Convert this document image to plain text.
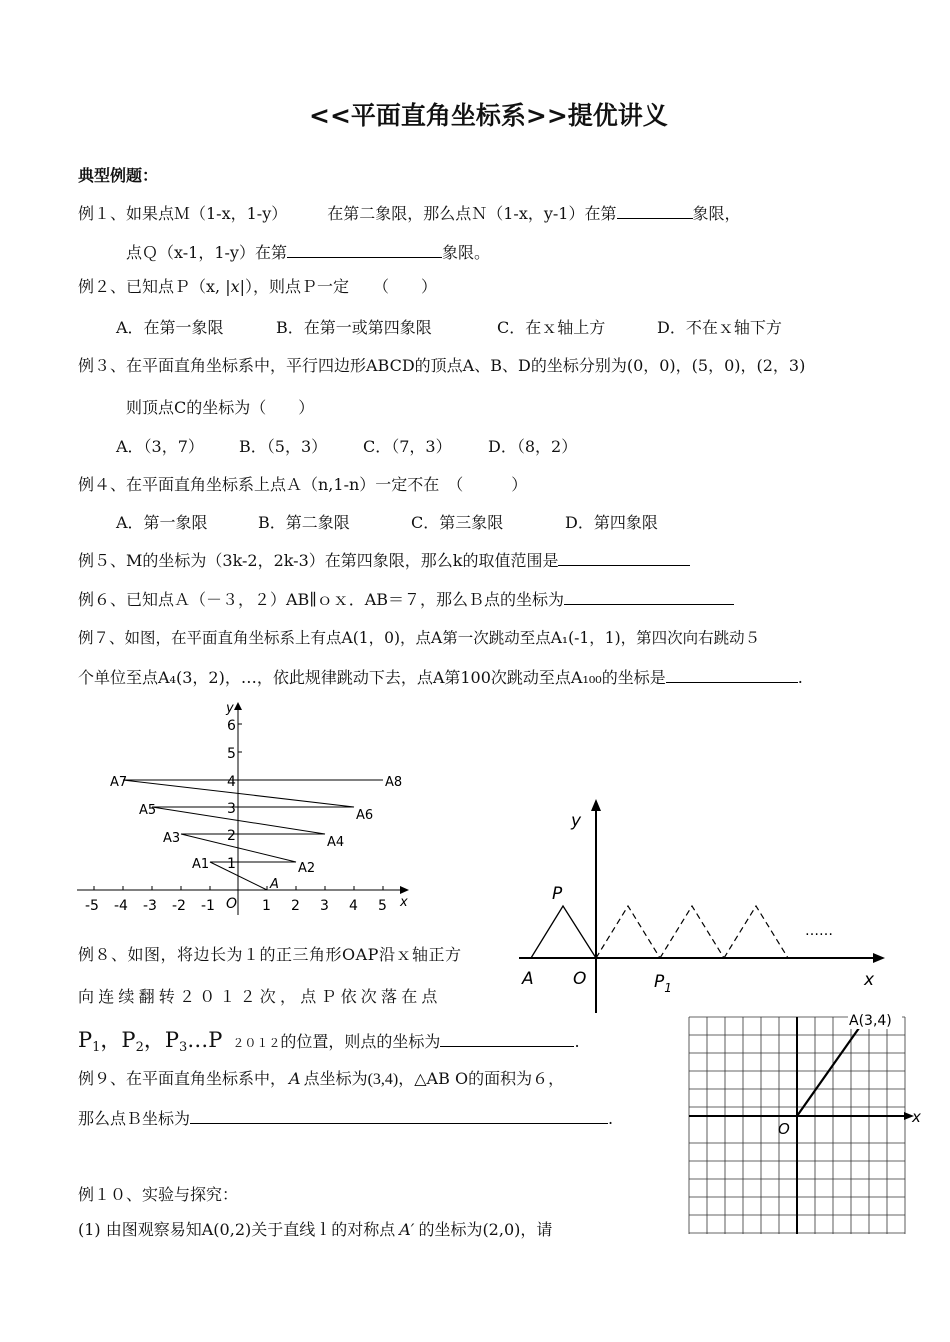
<<平面直角坐标系>>提优讲义
典型例题：
例１、如果点Ｍ（1-x，1-y）	在第二象限，那么点Ｎ（1-x，y-1）在第	象限，
点Ｑ（x-1，1-y）在第	象限。
例２、已知点Ｐ（x, |x|），则点Ｐ一定　　（　　）
A．在第一象限	B．在第一或第四象限	C．在ｘ轴上方	D．不在ｘ轴下方
例３、在平面直角坐标系中，平行四边形ABCD的顶点A、B、D的坐标分别为(0，0)，(5，0)，(2，3)
则顶点C的坐标为（　　）
A．（3，7） B．（5，3） C．（7，3） D．（8，2）
例４、在平面直角坐标系上点Ａ（n,1-n）一定不在　（　　　）
A．第一象限	B．第二象限	C．第三象限	D．第四象限
例５、M的坐标为（3k-2，2k-3）在第四象限，那么k的取值范围是
例６、已知点Ａ（－３，２）AB∥ｏｘ．AB＝７，那么Ｂ点的坐标为
例７、如图，在平面直角坐标系上有点A(1，0)，点A第一次跳动至点A₁(-1，1)，第四次向右跳动５
个单位至点A₄(3，2)，…，依此规律跳动下去，点A第100次跳动至点A₁₀₀的坐标是	.
y
x
O
-5 -4 -3 -2 -1	1 2 3 4 5
1
2
3
4
5
6
A
A1	A2
A3	A4
A5	A6
A7	A8
y
x
A O
P
$P_1$
……
例８、如图，将边长为１的正三角形OAP沿ｘ轴正方
向连续翻转２０１２次，点Ｐ依次落在点
$P_1$，$P_2$，$P_3\dots P$ ２０１２的位置，则点的坐标为	.
O
x
A(3,4)
例９、在平面直角坐标系中， A 点坐标为(3,4)，△AB O的面积为６，
那么点Ｂ坐标为	.
例１０、实验与探究：
(1) 由图观察易知A(0,2)关于直线ｌ的对称点 A′ 的坐标为(2,0)，请
